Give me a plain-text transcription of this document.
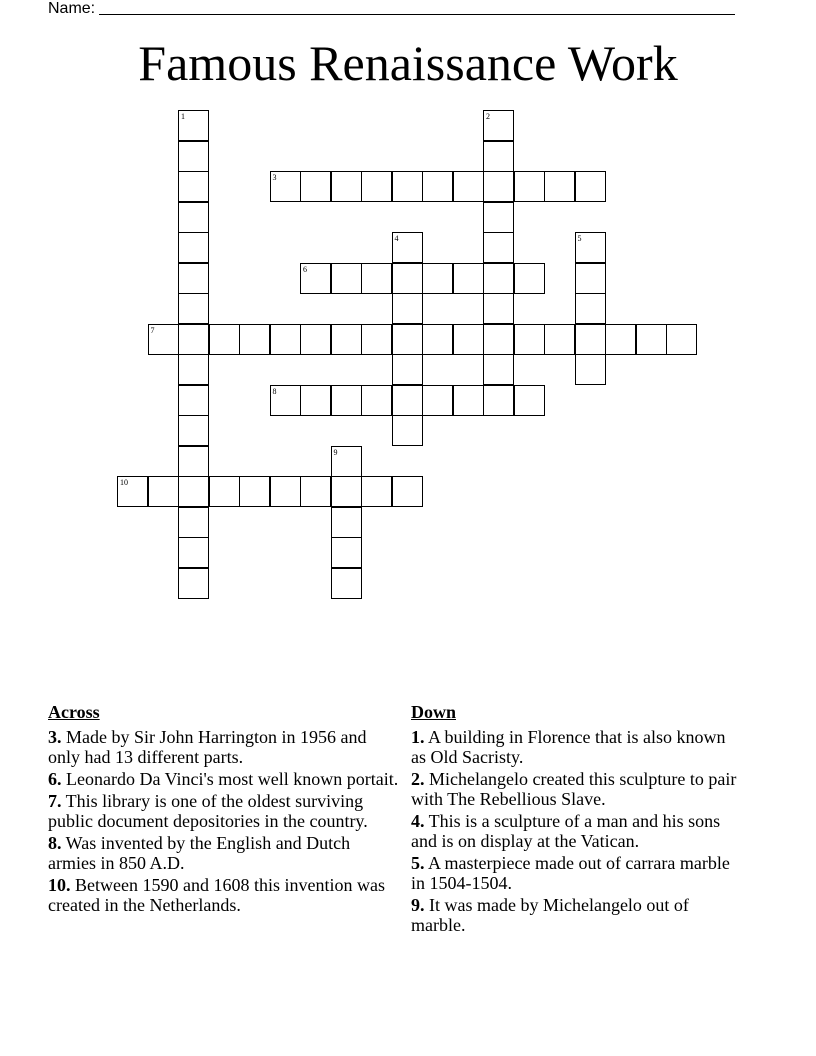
Name:
Famous Renaissance Work
1	2
3
4	5
6
7
8
9
10
Across
3. Made by Sir John Harrington in 1956 and only had 13 different parts.
6. Leonardo Da Vinci's most well known portait.
7. This library is one of the oldest surviving public document depositories in the country.
8. Was invented by the English and Dutch armies in 850 A.D.
10. Between 1590 and 1608 this invention was created in the Netherlands.
Down
1. A building in Florence that is also known as Old Sacristy.
2. Michelangelo created this sculpture to pair with The Rebellious Slave.
4. This is a sculpture of a man and his sons and is on display at the Vatican.
5. A masterpiece made out of carrara marble in 1504-1504.
9. It was made by Michelangelo out of marble.
